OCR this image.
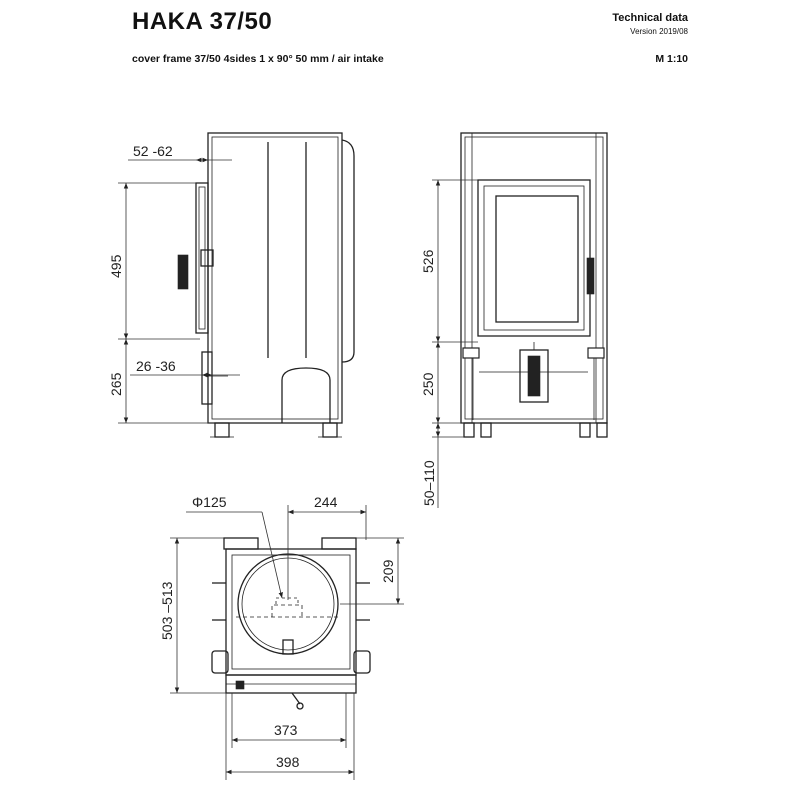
HAKA 37/50
cover frame 37/50 4sides 1 x 90° 50 mm / air intake
Technical data
Version 2019/08
M 1:10
52 -62
495
26 -36
265
526
250
50–110
Φ125	244
209
503 –513
373
398
